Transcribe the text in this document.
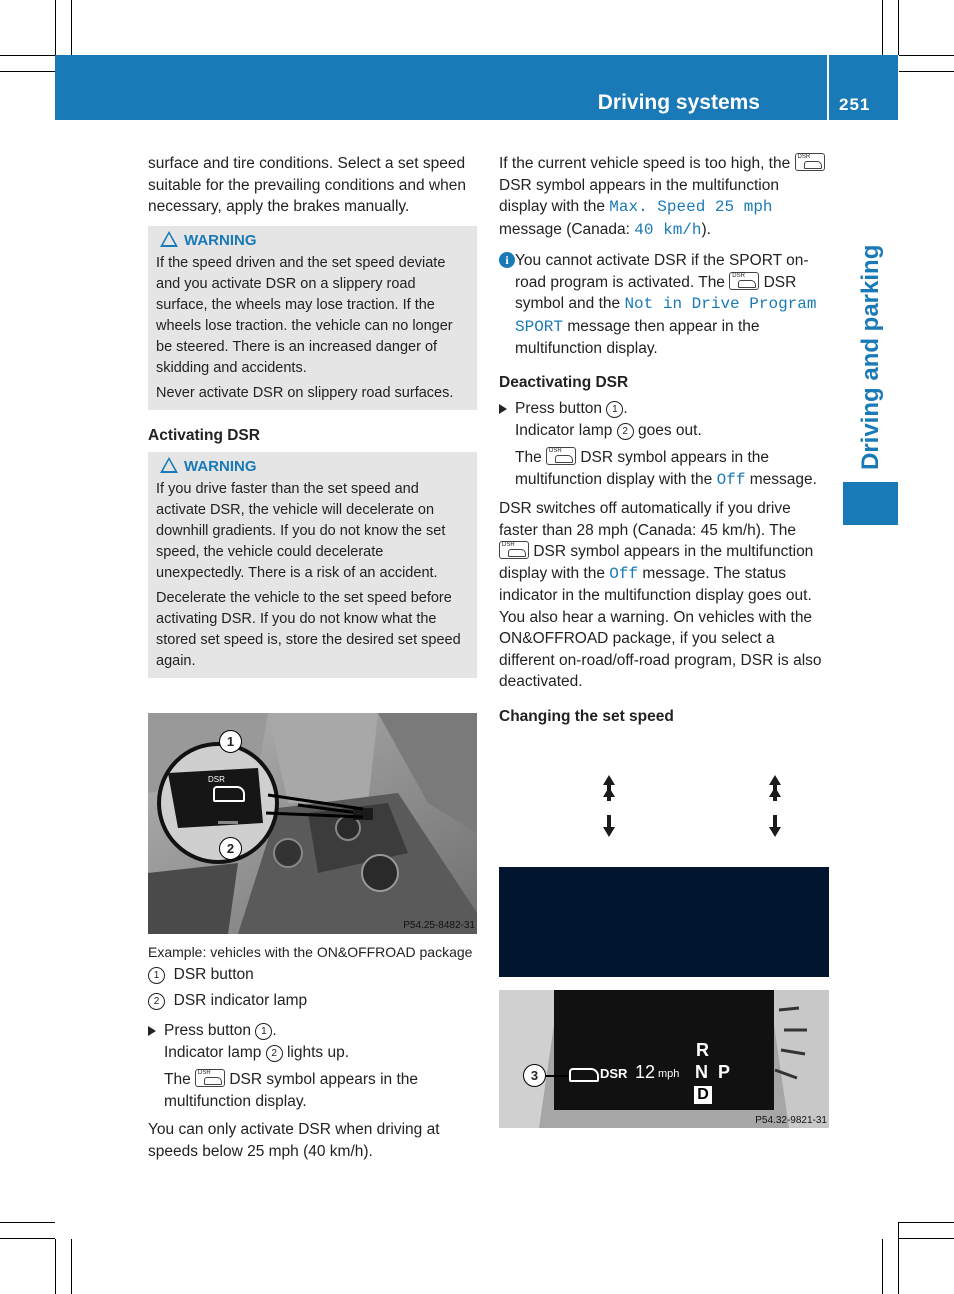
Driving systems	251
Driving and parking

surface and tire conditions. Select a set speed suitable for the prevailing conditions and when necessary, apply the brakes manually.

WARNING

If the speed driven and the set speed deviate and you activate DSR on a slippery road surface, the wheels may lose traction. If the wheels lose traction. the vehicle can no longer be steered. There is an increased danger of skidding and accidents.

Never activate DSR on slippery road surfaces.

Activating DSR

WARNING

If you drive faster than the set speed and activate DSR, the vehicle will decelerate on downhill gradients. If you do not know the set speed, the vehicle could decelerate unexpectedly. There is a risk of an accident.

Decelerate the vehicle to the set speed before activating DSR. If you do not know what the stored set speed is, store the desired set speed again.

DSR
1
2
P54.25-8482-31

Example: vehicles with the ON&OFFROAD package

1 DSR button

2 DSR indicator lamp

Press button 1 .

Indicator lamp 2 lights up.

The DSR DSR symbol appears in the multifunction display.

You can only activate DSR when driving at speeds below 25 mph (40 km/h).

If the current vehicle speed is too high, the DSR
DSR symbol appears in the multifunction display with the Max. Speed 25 mph message (Canada: 40 km/h).

i You cannot activate DSR if the SPORT on-road program is activated. The DSR DSR symbol and the Not in Drive Program SPORT message then appear in the multifunction display.

Deactivating DSR

Press button 1 .

Indicator lamp 2 goes out.

The DSR DSR symbol appears in the multifunction display with the Off message.

DSR switches off automatically if you drive faster than 28 mph (Canada: 45 km/h). The
DSR DSR symbol appears in the multifunction display with the Off message. The status indicator in the multifunction display goes out. You also hear a warning. On vehicles with the ON&OFFROAD package, if you select a different on-road/off-road program, DSR is also deactivated.

Changing the set speed

3	DSR 12 mph
R
N P
D
P54.32-9821-31
